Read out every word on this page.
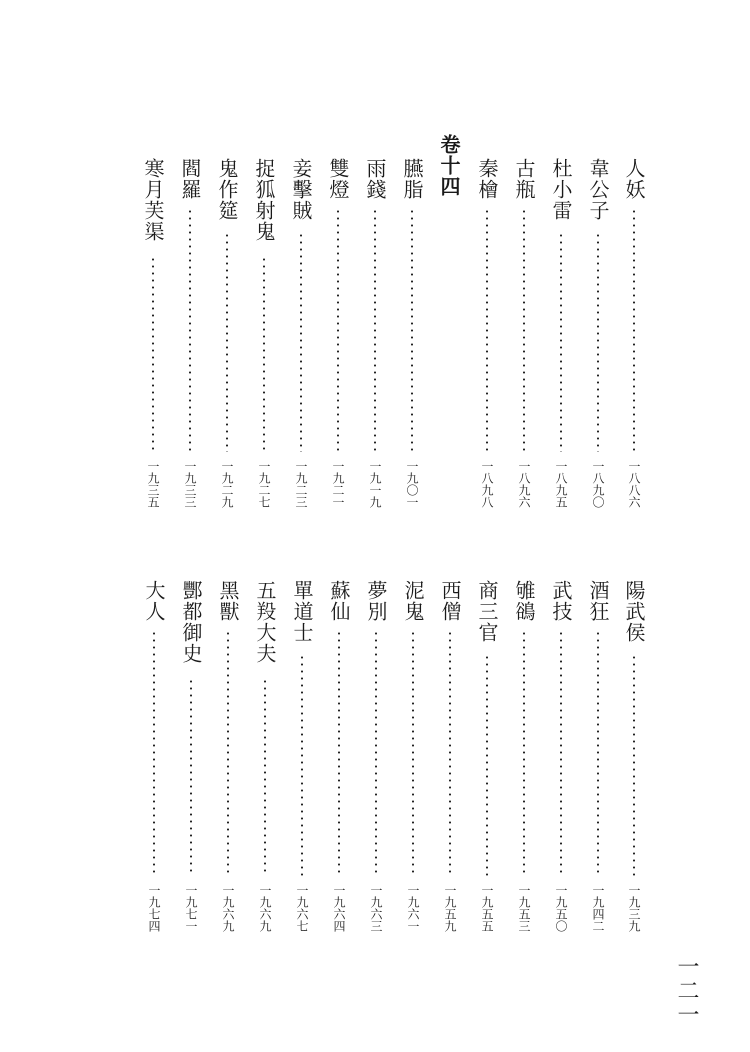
卷十四	人妖
一八八六
韋公子
一八九〇
杜小雷
一八九五
古瓶
一八九六
秦檜
一八九八
臙脂
一九〇一
雨錢
一九一九
雙燈
一九二一
妾擊賊
一九二三
捉狐射鬼
一九二七
鬼作筵
一九二九
閻羅
一九三三
寒月芙渠
一九三五
陽武侯
一九三九
酒狂
一九四二
武技
一九五〇
雊鵒
一九五三
商三官
一九五五
西僧
一九五九
泥鬼
一九六一
夢別
一九六三
蘇仙
一九六四
單道士
一九六七
五羖大夫
一九六九
黑獸
一九六九
酆都御史
一九七一
大人
一九七四
一二一
